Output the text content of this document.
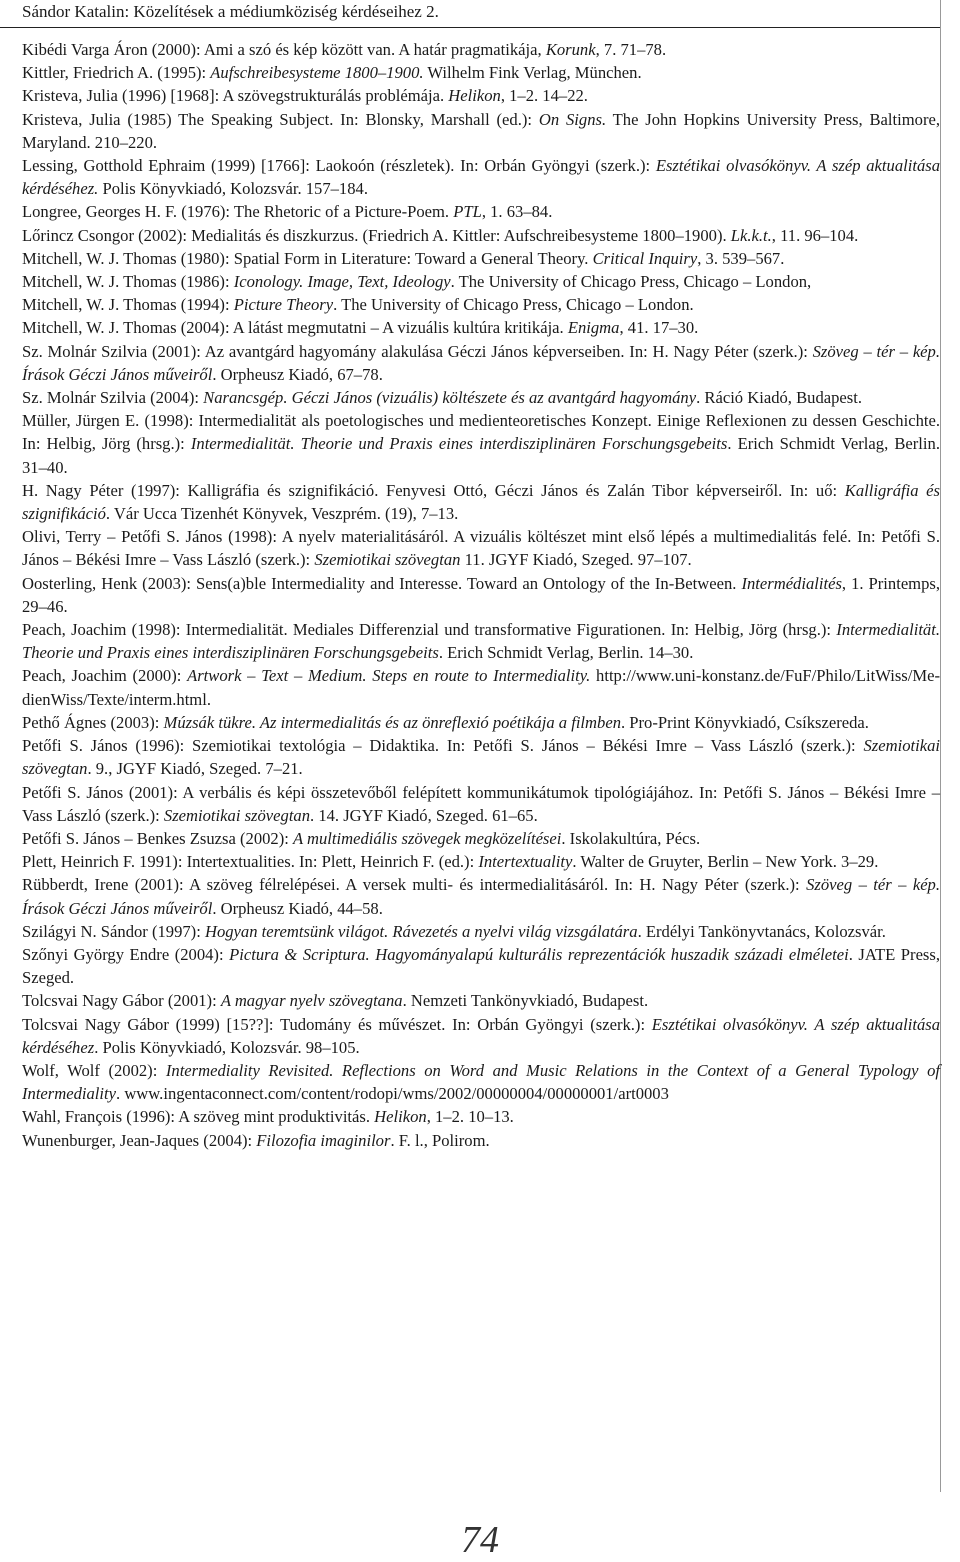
Sándor Katalin: Közelítések a médiumköziség kérdéseihez 2.

Kibédi Varga Áron (2000): Ami a szó és kép között van. A határ pragmatikája, Korunk, 7. 71–78.

Kittler, Friedrich A. (1995): Aufschreibesysteme 1800–1900. Wilhelm Fink Verlag, München.

Kristeva, Julia (1996) [1968]: A szövegstrukturálás problémája. Helikon, 1–2. 14–22.

Kristeva, Julia (1985) The Speaking Subject. In: Blonsky, Marshall (ed.): On Signs. The John Hopkins University Press, Baltimore, Maryland. 210–220.

Lessing, Gotthold Ephraim (1999) [1766]: Laokoón (részletek). In: Orbán Gyöngyi (szerk.): Esztétikai olvasókönyv. A szép aktualitása kérdéséhez. Polis Könyvkiadó, Kolozsvár. 157–184.

Longree, Georges H. F. (1976): The Rhetoric of a Picture-Poem. PTL, 1. 63–84.

Lőrincz Csongor (2002): Medialitás és diszkurzus. (Friedrich A. Kittler: Aufschreibesysteme 1800–1900). Lk.k.t., 11. 96–104.

Mitchell, W. J. Thomas (1980): Spatial Form in Literature: Toward a General Theory. Critical Inquiry, 3. 539–567.

Mitchell, W. J. Thomas (1986): Iconology. Image, Text, Ideology. The University of Chicago Press, Chicago – London,

Mitchell, W. J. Thomas (1994): Picture Theory. The University of Chicago Press, Chicago – London.

Mitchell, W. J. Thomas (2004): A látást megmutatni – A vizuális kultúra kritikája. Enigma, 41. 17–30.

Sz. Molnár Szilvia (2001): Az avantgárd hagyomány alakulása Géczi János képverseiben. In: H. Nagy Péter (szerk.): Szöveg – tér – kép. Írások Géczi János műveiről. Orpheusz Kiadó, 67–78.

Sz. Molnár Szilvia (2004): Narancsgép. Géczi János (vizuális) költészete és az avantgárd hagyomány. Ráció Kiadó, Budapest.

Müller, Jürgen E. (1998): Intermedialität als poetologisches und medienteoretisches Konzept. Einige Reflexionen zu dessen Geschichte. In: Helbig, Jörg (hrsg.): Intermedialität. Theorie und Praxis eines interdisziplinären Forschungsgebeits. Erich Schmidt Verlag, Berlin. 31–40.

H. Nagy Péter (1997): Kalligráfia és szignifikáció. Fenyvesi Ottó, Géczi János és Zalán Tibor képverseiről. In: uő: Kalligráfia és szignifikáció. Vár Ucca Tizenhét Könyvek, Veszprém. (19), 7–13.

Olivi, Terry – Petőfi S. János (1998): A nyelv materialitásáról. A vizuális költészet mint első lépés a multimedialitás felé. In: Petőfi S. János – Békési Imre – Vass László (szerk.): Szemiotikai szövegtan 11. JGYF Kiadó, Szeged. 97–107.

Oosterling, Henk (2003): Sens(a)ble Intermediality and Interesse. Toward an Ontology of the In-Between. Intermédialités, 1. Printemps, 29–46.

Peach, Joachim (1998): Intermedialität. Mediales Differenzial und transformative Figurationen. In: Helbig, Jörg (hrsg.): Intermedialität. Theorie und Praxis eines interdisziplinären Forschungsgebeits. Erich Schmidt Verlag, Berlin. 14–30.

Peach, Joachim (2000): Artwork – Text – Medium. Steps en route to Intermediality. http://www.uni-konstanz.de/FuF/Philo/LitWiss/Me-dienWiss/Texte/interm.html.

Pethő Ágnes (2003): Múzsák tükre. Az intermedialitás és az önreflexió poétikája a filmben. Pro-Print Könyvkiadó, Csíkszereda.

Petőfi S. János (1996): Szemiotikai textológia – Didaktika. In: Petőfi S. János – Békési Imre – Vass László (szerk.): Szemiotikai szövegtan. 9., JGYF Kiadó, Szeged. 7–21.

Petőfi S. János (2001): A verbális és képi összetevőből felépített kommunikátumok tipológiájához. In: Petőfi S. János – Békési Imre – Vass László (szerk.): Szemiotikai szövegtan. 14. JGYF Kiadó, Szeged. 61–65.

Petőfi S. János – Benkes Zsuzsa (2002): A multimediális szövegek megközelítései. Iskolakultúra, Pécs.

Plett, Heinrich F. 1991): Intertextualities. In: Plett, Heinrich F. (ed.): Intertextuality. Walter de Gruyter, Berlin – New York. 3–29.

Rübberdt, Irene (2001): A szöveg félrelépései. A versek multi- és intermedialitásáról. In: H. Nagy Péter (szerk.): Szöveg – tér – kép. Írások Géczi János műveiről. Orpheusz Kiadó, 44–58.

Szilágyi N. Sándor (1997): Hogyan teremtsünk világot. Rávezetés a nyelvi világ vizsgálatára. Erdélyi Tankönyvtanács, Kolozsvár.

Szőnyi György Endre (2004): Pictura & Scriptura. Hagyományalapú kulturális reprezentációk huszadik századi elméletei. JATE Press, Szeged.

Tolcsvai Nagy Gábor (2001): A magyar nyelv szövegtana. Nemzeti Tankönyvkiadó, Budapest.

Tolcsvai Nagy Gábor (1999) [15??]: Tudomány és művészet. In: Orbán Gyöngyi (szerk.): Esztétikai olvasókönyv. A szép aktualitása kérdéséhez. Polis Könyvkiadó, Kolozsvár. 98–105.

Wolf, Wolf (2002): Intermediality Revisited. Reflections on Word and Music Relations in the Context of a General Typology of Intermediality. www.ingentaconnect.com/content/rodopi/wms/2002/00000004/00000001/art0003

Wahl, François (1996): A szöveg mint produktivitás. Helikon, 1–2. 10–13.

Wunenburger, Jean-Jaques (2004): Filozofia imaginilor. F. l., Polirom.

74
